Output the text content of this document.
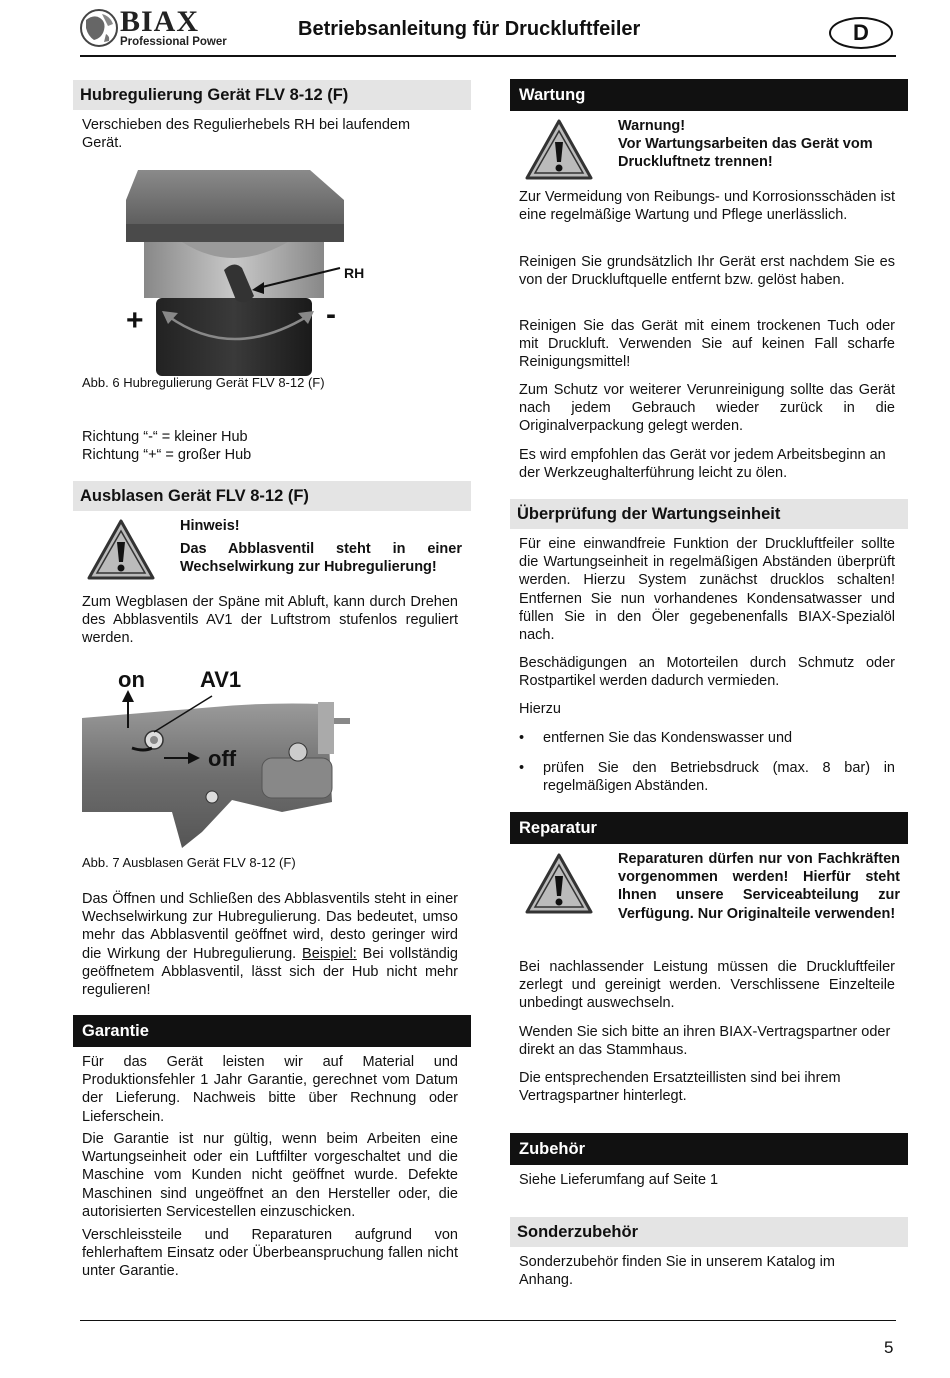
BIAX
Professional Power
Betriebsanleitung für Druckluftfeiler	D
Hubregulierung Gerät FLV 8-12 (F)
Verschieben des Regulierhebels RH bei laufendem
Gerät.
RH
+	-
Abb. 6 Hubregulierung Gerät FLV 8-12 (F)
Richtung “-“ = kleiner Hub
Richtung “+“ = großer Hub
Ausblasen Gerät FLV 8-12 (F)
Hinweis!
Das Abblasventil steht in einer Wechselwirkung zur Hubregulierung!
Zum Wegblasen der Späne mit Abluft, kann durch Drehen des Abblasventils AV1 der Luftstrom stufenlos reguliert werden.
on	AV1
off
Abb. 7 Ausblasen Gerät FLV 8-12 (F)
Das Öffnen und Schließen des Abblasventils steht in einer Wechselwirkung zur Hubregulierung. Das bedeutet, umso mehr das Abblasventil geöffnet wird, desto geringer wird die Wirkung der Hubregulierung. Beispiel: Bei vollständig geöffnetem Abblasventil, lässt sich der Hub nicht mehr regulieren!
Garantie
Für das Gerät leisten wir auf Material und Produktionsfehler 1 Jahr Garantie, gerechnet vom Datum der Lieferung. Nachweis bitte über Rechnung oder Lieferschein.
Die Garantie ist nur gültig, wenn beim Arbeiten eine Wartungseinheit oder ein Luftfilter vorgeschaltet und die Maschine vom Kunden nicht geöffnet wurde. Defekte Maschinen sind ungeöffnet an den Hersteller oder, die autorisierten Servicestellen einzuschicken.
Verschleissteile und Reparaturen aufgrund von fehlerhaftem Einsatz oder Überbeanspruchung fallen nicht unter Garantie.
Wartung
Warnung!
Vor Wartungsarbeiten das Gerät vom Druckluftnetz trennen!
Zur Vermeidung von Reibungs- und Korrosionsschäden ist eine regelmäßige Wartung und Pflege unerlässlich.
Reinigen Sie grundsätzlich Ihr Gerät erst nachdem Sie es von der Druckluftquelle entfernt bzw. gelöst haben.
Reinigen Sie das Gerät mit einem trockenen Tuch oder mit Druckluft. Verwenden Sie auf keinen Fall scharfe Reinigungsmittel!
Zum Schutz vor weiterer Verunreinigung sollte das Gerät nach jedem Gebrauch wieder zurück in die Originalverpackung gelegt werden.
Es wird empfohlen das Gerät vor jedem Arbeitsbeginn an der Werkzeughalterführung leicht zu ölen.
Überprüfung der Wartungseinheit
Für eine einwandfreie Funktion der Druckluftfeiler sollte die Wartungseinheit in regelmäßigen Abständen überprüft werden. Hierzu System zunächst drucklos schalten! Entfernen Sie nun vorhandenes Kondensatwasser und füllen Sie in den Öler gegebenenfalls BIAX-Spezialöl nach.
Beschädigungen an Motorteilen durch Schmutz oder Rostpartikel werden dadurch vermieden.
Hierzu
• entfernen Sie das Kondenswasser und
• prüfen Sie den Betriebsdruck (max. 8 bar) in regelmäßigen Abständen.
Reparatur
Reparaturen dürfen nur von Fachkräften vorgenommen werden! Hierfür steht Ihnen unsere Serviceabteilung zur Verfügung. Nur Originalteile verwenden!
Bei nachlassender Leistung müssen die Druckluftfeiler zerlegt und gereinigt werden. Verschlissene Einzelteile unbedingt auswechseln.
Wenden Sie sich bitte an ihren BIAX-Vertragspartner oder direkt an das Stammhaus.
Die entsprechenden Ersatzteillisten sind bei ihrem Vertragspartner hinterlegt.
Zubehör
Siehe Lieferumfang auf Seite 1
Sonderzubehör
Sonderzubehör finden Sie in unserem Katalog im Anhang.
5
